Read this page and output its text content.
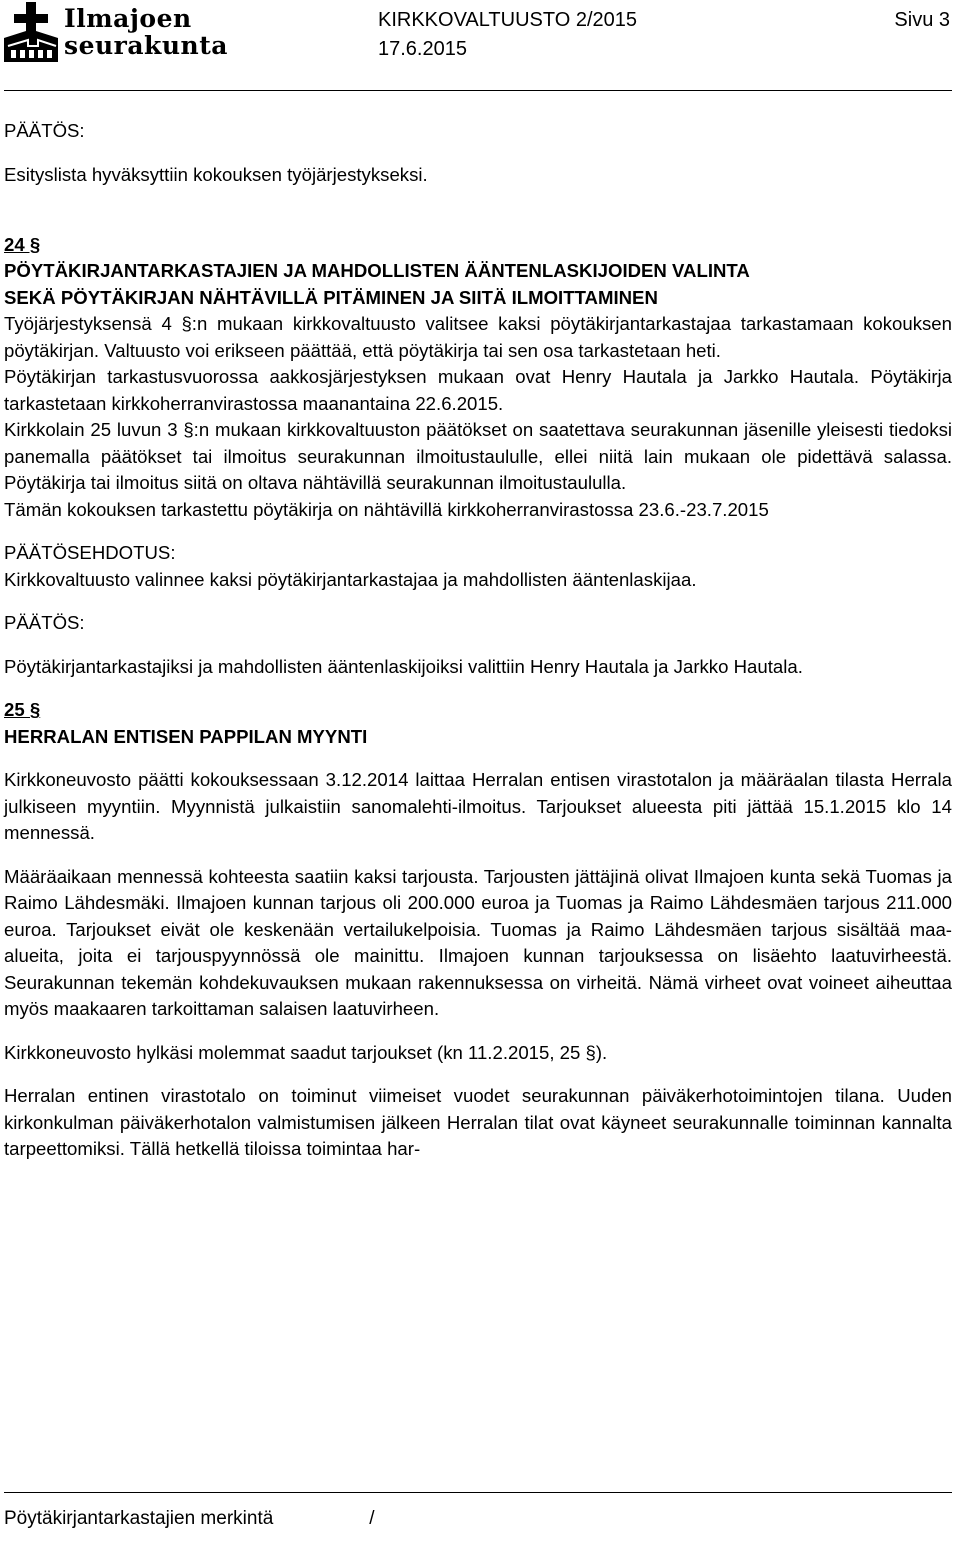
Ilmajoen
seurakunta
KIRKKOVALTUUSTO 2/2015
17.6.2015
Sivu 3

PÄÄTÖS:

Esityslista hyväksyttiin kokouksen työjärjestykseksi.

24 §

PÖYTÄKIRJANTARKASTAJIEN JA MAHDOLLISTEN ÄÄNTENLASKIJOIDEN VALINTA

SEKÄ PÖYTÄKIRJAN NÄHTÄVILLÄ PITÄMINEN JA SIITÄ ILMOITTAMINEN

Työjärjestyksensä 4 §:n mukaan kirkkovaltuusto valitsee kaksi pöytäkirjantarkastajaa tarkastamaan kokouksen pöytäkirjan. Valtuusto voi erikseen päättää, että pöytäkirja tai sen osa tarkastetaan heti.

Pöytäkirjan tarkastusvuorossa aakkosjärjestyksen mukaan ovat Henry Hautala ja Jarkko Hautala. Pöytäkirja tarkastetaan kirkkoherranvirastossa maanantaina 22.6.2015.

Kirkkolain 25 luvun 3 §:n mukaan kirkkovaltuuston päätökset on saatettava seurakunnan jäsenille yleisesti tiedoksi panemalla päätökset tai ilmoitus seurakunnan ilmoitustaululle, ellei niitä lain mukaan ole pidettävä salassa. Pöytäkirja tai ilmoitus siitä on oltava nähtävillä seurakunnan ilmoitustaululla.

Tämän kokouksen tarkastettu pöytäkirja on nähtävillä kirkkoherranvirastossa 23.6.-23.7.2015

PÄÄTÖSEHDOTUS:

Kirkkovaltuusto valinnee kaksi pöytäkirjantarkastajaa ja mahdollisten ääntenlaskijaa.

PÄÄTÖS:

Pöytäkirjantarkastajiksi ja mahdollisten ääntenlaskijoiksi valittiin Henry Hautala ja Jarkko Hautala.

25 §

HERRALAN ENTISEN PAPPILAN MYYNTI

Kirkkoneuvosto päätti kokouksessaan 3.12.2014 laittaa Herralan entisen virastotalon ja määräalan tilasta Herrala julkiseen myyntiin. Myynnistä julkaistiin sanomalehti-ilmoitus. Tarjoukset alueesta piti jättää 15.1.2015 klo 14 mennessä.

Määräaikaan mennessä kohteesta saatiin kaksi tarjousta. Tarjousten jättäjinä olivat Ilmajoen kunta sekä Tuomas ja Raimo Lähdesmäki. Ilmajoen kunnan tarjous oli 200.000 euroa ja Tuomas ja Raimo Lähdesmäen tarjous 211.000 euroa. Tarjoukset eivät ole keskenään vertailukelpoisia. Tuomas ja Raimo Lähdesmäen tarjous sisältää maa-alueita, joita ei tarjouspyynnössä ole mainittu. Ilmajoen kunnan tarjouksessa on lisäehto laatuvirheestä. Seurakunnan tekemän kohdekuvauksen mukaan rakennuksessa on virheitä. Nämä virheet ovat voineet aiheuttaa myös maakaaren tarkoittaman salaisen laatuvirheen.

Kirkkoneuvosto hylkäsi molemmat saadut tarjoukset (kn 11.2.2015, 25 §).

Herralan entinen virastotalo on toiminut viimeiset vuodet seurakunnan päiväkerhotoimintojen tilana. Uuden kirkonkulman päiväkerhotalon valmistumisen jälkeen Herralan tilat ovat käyneet seurakunnalle toiminnan kannalta tarpeettomiksi. Tällä hetkellä tiloissa toimintaa har-

Pöytäkirjantarkastajien merkintä	/
